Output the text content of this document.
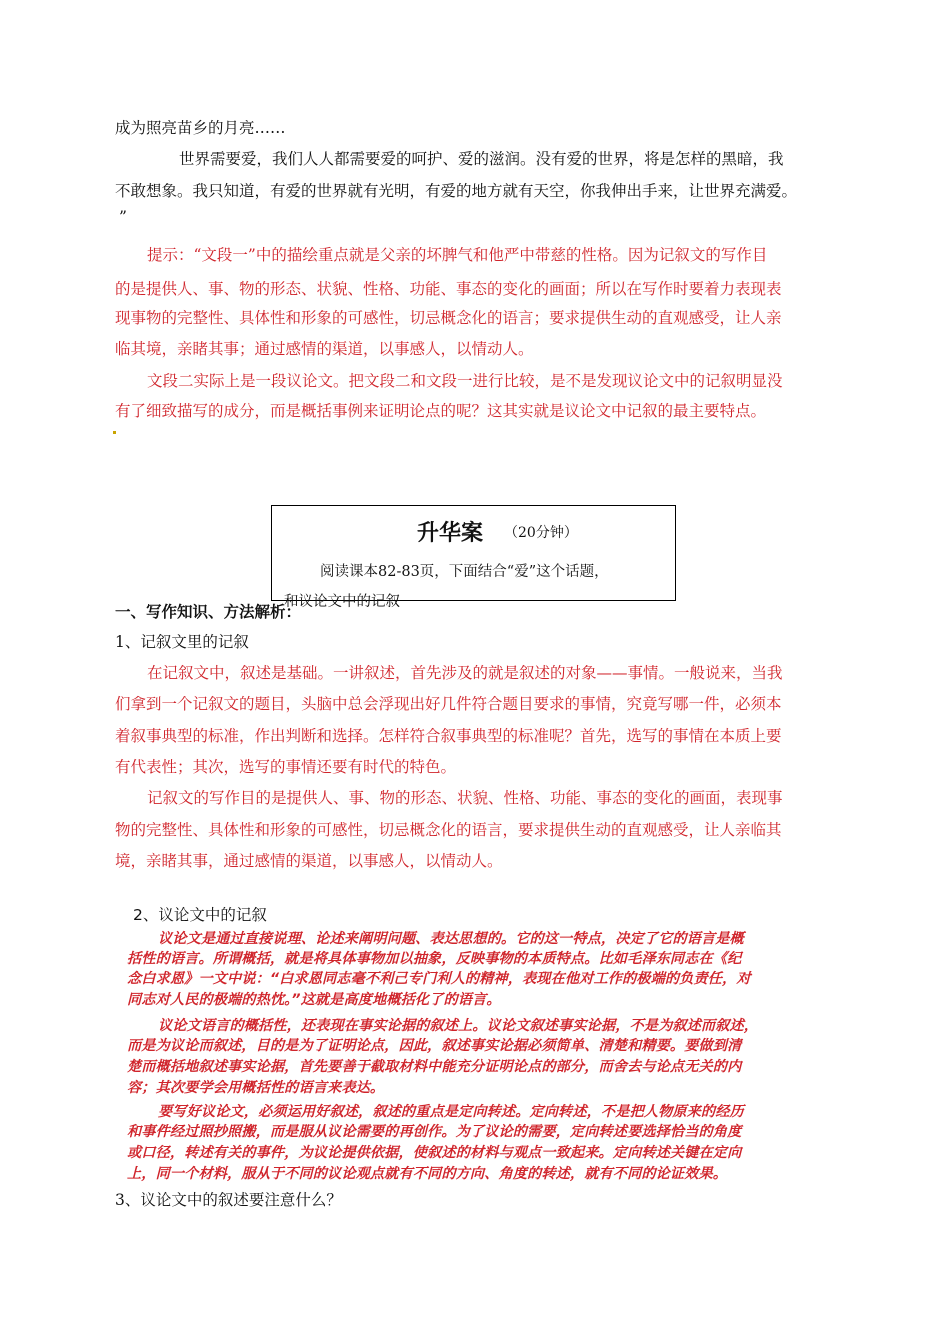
成为照亮苗乡的月亮……
世界需要爱，我们人人都需要爱的呵护、爱的滋润。没有爱的世界，将是怎样的黑暗，我
不敢想象。我只知道，有爱的世界就有光明，有爱的地方就有天空，你我伸出手来，让世界充满爱。
”
提示：“文段一”中的描绘重点就是父亲的坏脾气和他严中带慈的性格。因为记叙文的写作目
的是提供人、事、物的形态、状貌、性格、功能、事态的变化的画面；所以在写作时要着力表现表
现事物的完整性、具体性和形象的可感性，切忌概念化的语言；要求提供生动的直观感受，让人亲
临其境，亲睹其事；通过感情的渠道，以事感人，以情动人。
文段二实际上是一段议论文。把文段二和文段一进行比较，是不是发现议论文中的记叙明显没
有了细致描写的成分，而是概括事例来证明论点的呢？这其实就是议论文中记叙的最主要特点。
升华案 （20分钟）
阅读课本82-83页，下面结合“爱”这个话题，
和议论文中的记叙
一、写作知识、方法解析：
1、记叙文里的记叙
在记叙文中，叙述是基础。一讲叙述，首先涉及的就是叙述的对象——事情。一般说来，当我
们拿到一个记叙文的题目，头脑中总会浮现出好几件符合题目要求的事情，究竟写哪一件，必须本
着叙事典型的标准，作出判断和选择。怎样符合叙事典型的标准呢？首先，选写的事情在本质上要
有代表性；其次，选写的事情还要有时代的特色。
记叙文的写作目的是提供人、事、物的形态、状貌、性格、功能、事态的变化的画面，表现事
物的完整性、具体性和形象的可感性，切忌概念化的语言，要求提供生动的直观感受，让人亲临其
境，亲睹其事，通过感情的渠道，以事感人，以情动人。
2、议论文中的记叙
议论文是通过直接说理、论述来阐明问题、表达思想的。它的这一特点，决定了它的语言是概
括性的语言。所谓概括，就是将具体事物加以抽象，反映事物的本质特点。比如毛泽东同志在《纪
念白求恩》一文中说：“白求恩同志毫不利己专门利人的精神，表现在他对工作的极端的负责任，对
同志对人民的极端的热忱。”这就是高度地概括化了的语言。
议论文语言的概括性，还表现在事实论据的叙述上。议论文叙述事实论据，不是为叙述而叙述，
而是为议论而叙述，目的是为了证明论点，因此，叙述事实论据必须简单、清楚和精要。要做到清
楚而概括地叙述事实论据，首先要善于截取材料中能充分证明论点的部分，而舍去与论点无关的内
容；其次要学会用概括性的语言来表达。
要写好议论文，必须运用好叙述，叙述的重点是定向转述。定向转述，不是把人物原来的经历
和事件经过照抄照搬，而是服从议论需要的再创作。为了议论的需要，定向转述要选择恰当的角度
或口径，转述有关的事件，为议论提供依据，使叙述的材料与观点一致起来。定向转述关键在定向
上，同一个材料，服从于不同的议论观点就有不同的方向、角度的转述，就有不同的论证效果。
3、议论文中的叙述要注意什么？
